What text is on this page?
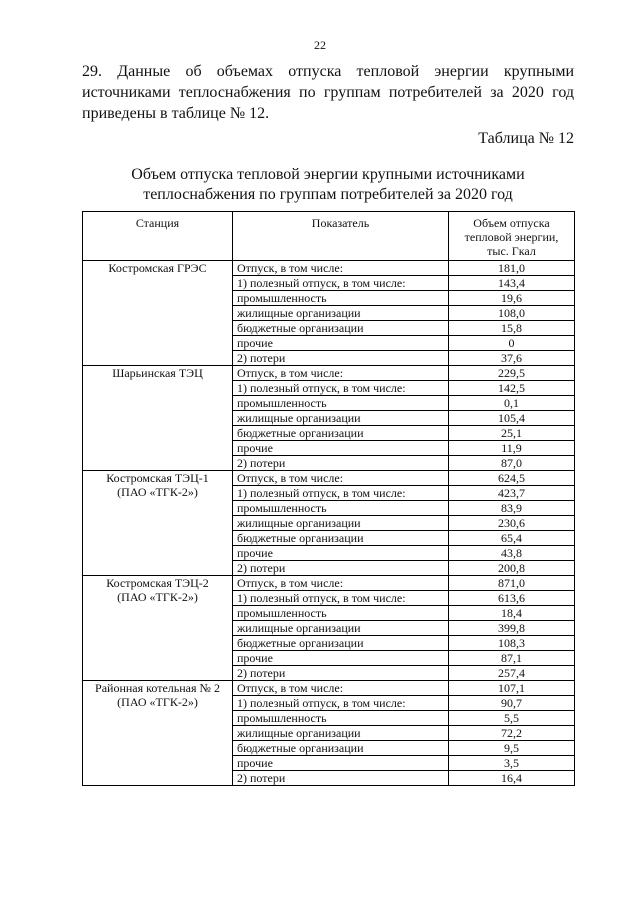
22

29. Данные об объемах отпуска тепловой энергии крупными источниками теплоснабжения по группам потребителей за 2020 год приведены в таблице № 12.

Таблица № 12

Объем отпуска тепловой энергии крупными источниками
теплоснабжения по группам потребителей за 2020 год

Станция	Показатель	Объем отпуска
тепловой энергии,
тыс. Гкал
Костромская ГРЭС	Отпуск, в том числе:	181,0
	1) полезный отпуск, в том числе:	143,4
	промышленность	19,6
	жилищные организации	108,0
	бюджетные организации	15,8
	прочие	0
	2) потери	37,6
Шарьинская ТЭЦ	Отпуск, в том числе:	229,5
	1) полезный отпуск, в том числе:	142,5
	промышленность	0,1
	жилищные организации	105,4
	бюджетные организации	25,1
	прочие	11,9
	2) потери	87,0
Костромская ТЭЦ-1
(ПАО «ТГК-2»)	Отпуск, в том числе:	624,5
	1) полезный отпуск, в том числе:	423,7
	промышленность	83,9
	жилищные организации	230,6
	бюджетные организации	65,4
	прочие	43,8
	2) потери	200,8
Костромская ТЭЦ-2
(ПАО «ТГК-2»)	Отпуск, в том числе:	871,0
	1) полезный отпуск, в том числе:	613,6
	промышленность	18,4
	жилищные организации	399,8
	бюджетные организации	108,3
	прочие	87,1
	2) потери	257,4
Районная котельная № 2
(ПАО «ТГК-2»)	Отпуск, в том числе:	107,1
	1) полезный отпуск, в том числе:	90,7
	промышленность	5,5
	жилищные организации	72,2
	бюджетные организации	9,5
	прочие	3,5
	2) потери	16,4
